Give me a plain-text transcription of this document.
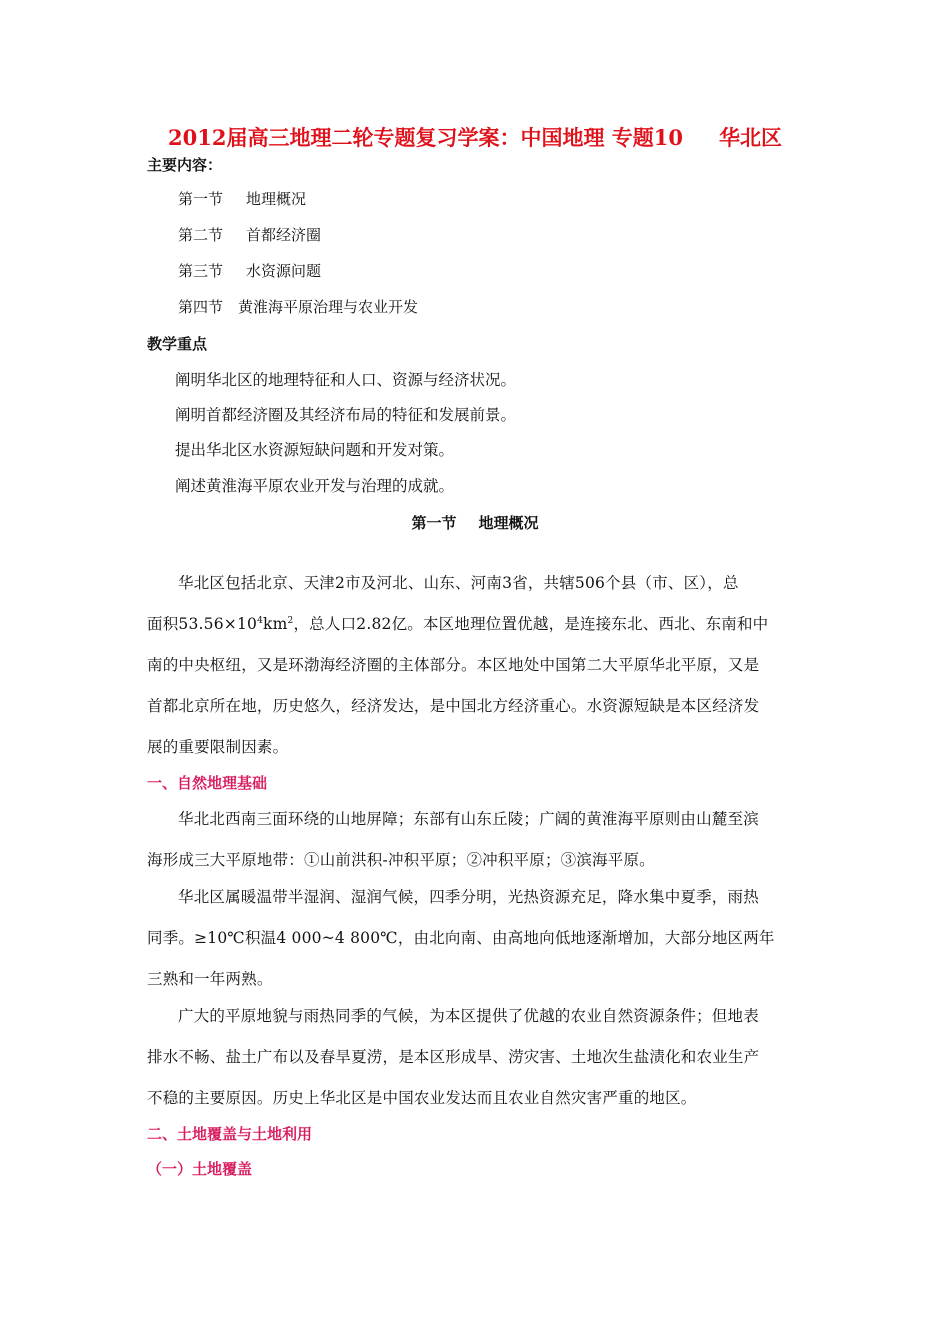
2012届高三地理二轮专题复习学案：中国地理 专题10 华北区
主要内容：
第一节 地理概况
第二节 首都经济圈
第三节 水资源问题
第四节 黄淮海平原治理与农业开发
教学重点
阐明华北区的地理特征和人口、资源与经济状况。
阐明首都经济圈及其经济布局的特征和发展前景。
提出华北区水资源短缺问题和开发对策。
阐述黄淮海平原农业开发与治理的成就。
第一节 地理概况
华北区包括北京、天津2市及河北、山东、河南3省，共辖506个县（市、区），总
面积$53.56\times 10^4km^2$，总人口2.82亿。本区地理位置优越，是连接东北、西北、东南和中
南的中央枢纽，又是环渤海经济圈的主体部分。本区地处中国第二大平原华北平原，又是
首都北京所在地，历史悠久，经济发达，是中国北方经济重心。水资源短缺是本区经济发
展的重要限制因素。
一、自然地理基础
华北北西南三面环绕的山地屏障；东部有山东丘陵；广阔的黄淮海平原则由山麓至滨
海形成三大平原地带：①山前洪积-冲积平原；②冲积平原；③滨海平原。
华北区属暖温带半湿润、湿润气候，四季分明，光热资源充足，降水集中夏季，雨热
同季。≥10℃积温4 000~4 800℃，由北向南、由高地向低地逐渐增加，大部分地区两年
三熟和一年两熟。
广大的平原地貌与雨热同季的气候，为本区提供了优越的农业自然资源条件；但地表
排水不畅、盐土广布以及春旱夏涝，是本区形成旱、涝灾害、土地次生盐渍化和农业生产
不稳的主要原因。历史上华北区是中国农业发达而且农业自然灾害严重的地区。
二、土地覆盖与土地利用
（一）土地覆盖
